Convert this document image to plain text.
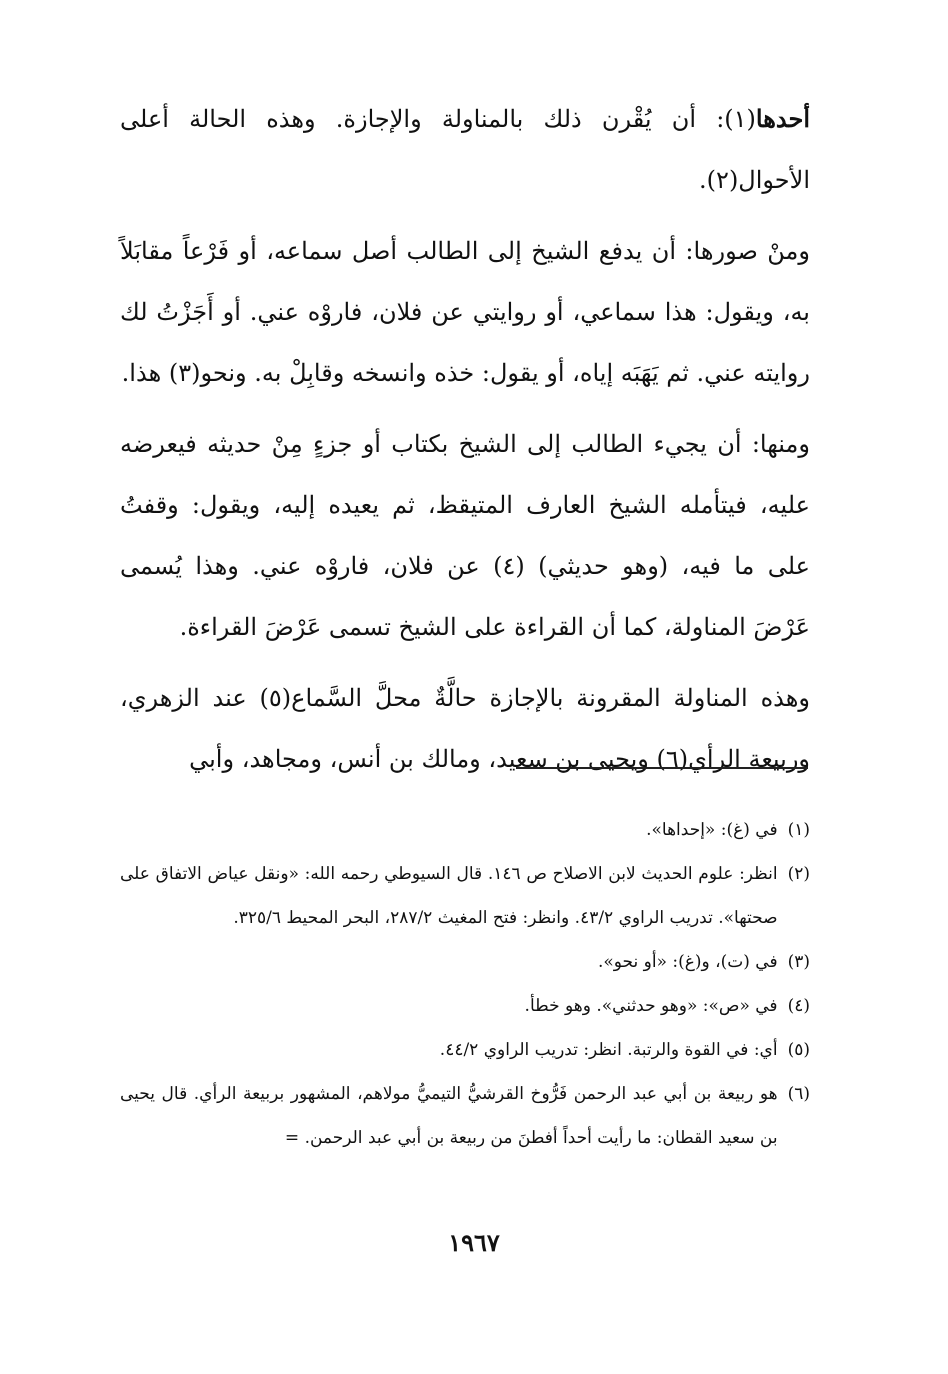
أحدها(١): أن يُقْرن ذلك بالمناولة والإجازة. وهذه الحالة أعلى الأحوال(٢).

ومنْ صورها: أن يدفع الشيخ إلى الطالب أصل سماعه، أو فَرْعاً مقابَلاً به، ويقول: هذا سماعي، أو روايتي عن فلان، فاروْه عني. أو أَجَزْتُ لك روايته عني. ثم يَهَبَه إياه، أو يقول: خذه وانسخه وقابِلْ به. ونحو(٣) هذا.

ومنها: أن يجيء الطالب إلى الشيخ بكتاب أو جزءٍ مِنْ حديثه فيعرضه عليه، فيتأمله الشيخ العارف المتيقظ، ثم يعيده إليه، ويقول: وقفتُ على ما فيه، (وهو حديثي) (٤) عن فلان، فاروْه عني. وهذا يُسمى عَرْضَ المناولة، كما أن القراءة على الشيخ تسمى عَرْضَ القراءة.

وهذه المناولة المقرونة بالإجازة حالَّةٌ محلَّ السَّماع(٥) عند الزهري، وربيعة الرأي(٦) ويحيى بن سعيد، ومالك بن أنس، ومجاهد، وأبي

(١)
في (غ): «إحداها».
(٢)
انظر: علوم الحديث لابن الاصلاح ص ١٤٦. قال السيوطي رحمه الله: «ونقل عياض الاتفاق على صحتها». تدريب الراوي ٤٣/٢. وانظر: فتح المغيث ٢٨٧/٢، البحر المحيط ٣٢٥/٦.
(٣)
في (ت)، و(غ): «أو نحو».
(٤)
في «ص»: «وهو حدثني». وهو خطأ.
(٥)
أي: في القوة والرتبة. انظر: تدريب الراوي ٤٤/٢.
(٦)
هو ربيعة بن أبي عبد الرحمن فَرُّوخ القرشيُّ التيميُّ مولاهم، المشهور بربيعة الرأي. قال يحيى بن سعيد القطان: ما رأيت أحداً أفطنَ من ربيعة بن أبي عبد الرحمن. =
١٩٦٧
